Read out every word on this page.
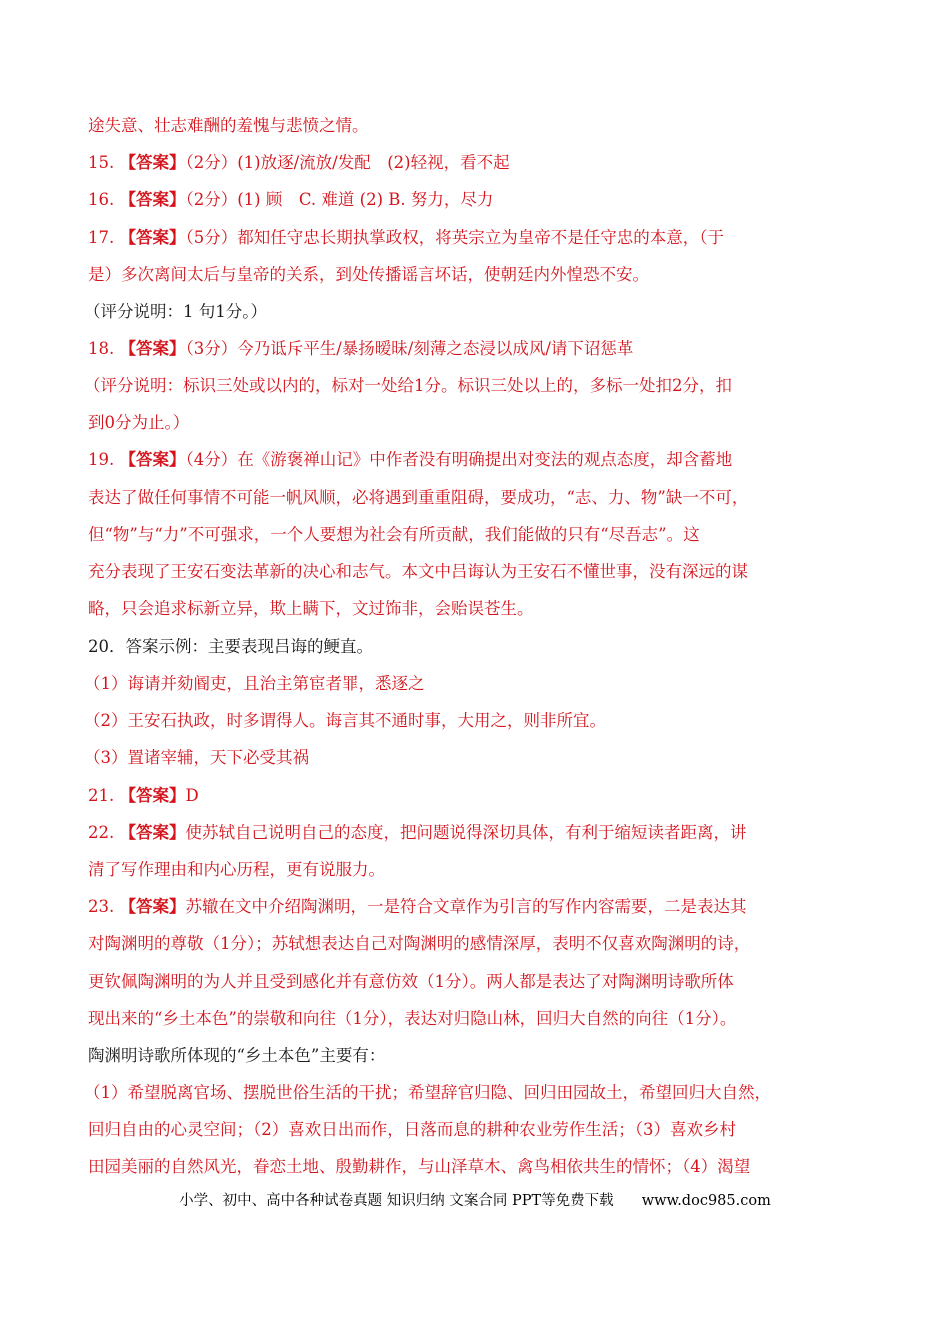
途失意、壮志难酬的羞愧与悲愤之情。
15. 【答案】（2分）(1)放逐/流放/发配　(2)轻视，看不起
16. 【答案】（2分）(1) 顾　C. 难道 (2) B. 努力，尽力
17. 【答案】（5分）都知任守忠长期执掌政权，将英宗立为皇帝不是任守忠的本意，（于
是）多次离间太后与皇帝的关系，到处传播谣言坏话，使朝廷内外惶恐不安。
（评分说明：1 句1分。）
18. 【答案】（3分）今乃诋斥平生/暴扬暧昧/刻薄之态浸以成风/请下诏惩革
（评分说明：标识三处或以内的，标对一处给1分。标识三处以上的，多标一处扣2分，扣
到0分为止。）
19. 【答案】（4分）在《游褒禅山记》中作者没有明确提出对变法的观点态度，却含蓄地
表达了做任何事情不可能一帆风顺，必将遇到重重阻碍，要成功，“志、力、物”缺一不可，
但“物”与“力”不可强求，一个人要想为社会有所贡献，我们能做的只有“尽吾志”。这
充分表现了王安石变法革新的决心和志气。本文中吕诲认为王安石不懂世事，没有深远的谋
略，只会追求标新立异，欺上瞒下，文过饰非，会贻误苍生。
20．答案示例：主要表现吕诲的鲠直。
（1）诲请并劾阍吏，且治主第宦者罪，悉逐之
（2）王安石执政，时多谓得人。诲言其不通时事，大用之，则非所宜。
（3）置诸宰辅，天下必受其祸
21. 【答案】D
22. 【答案】使苏轼自己说明自己的态度，把问题说得深切具体，有利于缩短读者距离，讲
清了写作理由和内心历程，更有说服力。
23. 【答案】苏辙在文中介绍陶渊明，一是符合文章作为引言的写作内容需要，二是表达其
对陶渊明的尊敬（1分）；苏轼想表达自己对陶渊明的感情深厚，表明不仅喜欢陶渊明的诗，
更钦佩陶渊明的为人并且受到感化并有意仿效（1分）。两人都是表达了对陶渊明诗歌所体
现出来的“乡土本色”的崇敬和向往（1分），表达对归隐山林，回归大自然的向往（1分）。
陶渊明诗歌所体现的“乡土本色”主要有：
（1）希望脱离官场、摆脱世俗生活的干扰；希望辞官归隐、回归田园故土，希望回归大自然，
回归自由的心灵空间；（2）喜欢日出而作，日落而息的耕种农业劳作生活；（3）喜欢乡村
田园美丽的自然风光，眷恋土地、殷勤耕作，与山泽草木、禽鸟相依共生的情怀；（4）渴望
小学、初中、高中各种试卷真题 知识归纳 文案合同 PPT等免费下载 www.doc985.com
